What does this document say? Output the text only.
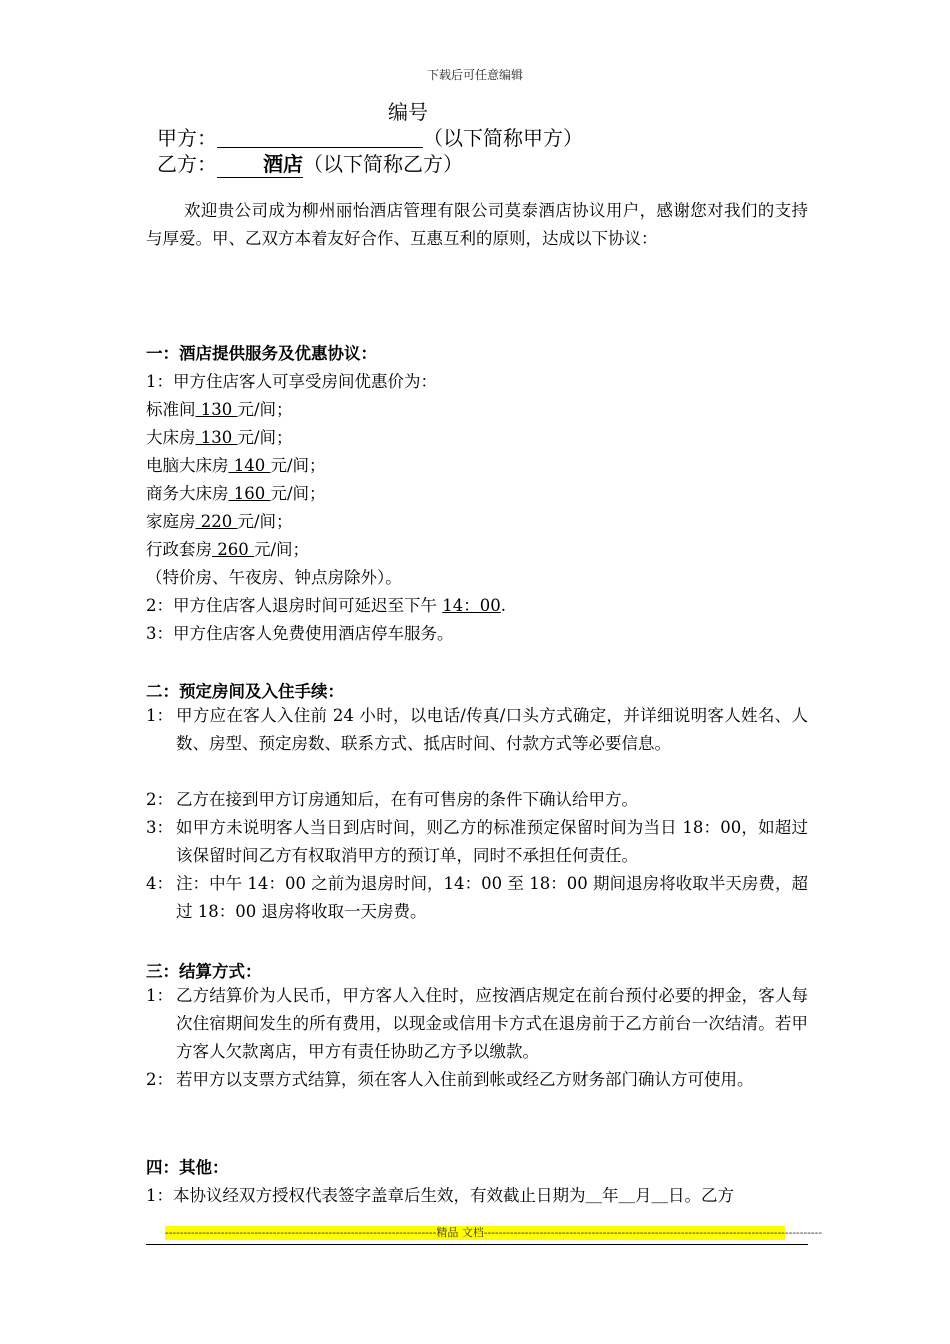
下载后可任意编辑
编号
甲方：	（以下简称甲方）
乙方： 酒店（以下简称乙方）
欢迎贵公司成为柳州丽怡酒店管理有限公司莫泰酒店协议用户，感谢您对我们的支持与厚爱。甲、乙双方本着友好合作、互惠互利的原则，达成以下协议：
一：酒店提供服务及优惠协议：
1：甲方住店客人可享受房间优惠价为：
标准间 130 元/间；
大床房 130 元/间；
电脑大床房 140 元/间；
商务大床房 160 元/间；
家庭房 220 元/间；
行政套房 260 元/间；
（特价房、午夜房、钟点房除外）。
2：甲方住店客人退房时间可延迟至下午 14：00.
3：甲方住店客人免费使用酒店停车服务。
二：预定房间及入住手续：
1： 甲方应在客人入住前 24 小时，以电话/传真/口头方式确定，并详细说明客人姓名、人数、房型、预定房数、联系方式、抵店时间、付款方式等必要信息。
2： 乙方在接到甲方订房通知后，在有可售房的条件下确认给甲方。
3： 如甲方未说明客人当日到店时间，则乙方的标准预定保留时间为当日 18：00，如超过该保留时间乙方有权取消甲方的预订单，同时不承担任何责任。
4： 注：中午 14：00 之前为退房时间，14：00 至 18：00 期间退房将收取半天房费，超过 18：00 退房将收取一天房费。
三：结算方式：
1： 乙方结算价为人民币，甲方客人入住时，应按酒店规定在前台预付必要的押金，客人每次住宿期间发生的所有费用，以现金或信用卡方式在退房前于乙方前台一次结清。若甲方客人欠款离店，甲方有责任协助乙方予以缴款。
2： 若甲方以支票方式结算，须在客人入住前到帐或经乙方财务部门确认方可使用。
四：其他：
1：本协议经双方授权代表签字盖章后生效，有效截止日期为＿年＿月＿日。乙方
-------------------------------------------------------------------------精品 文档-------------------------------------------------------------------------------------------
